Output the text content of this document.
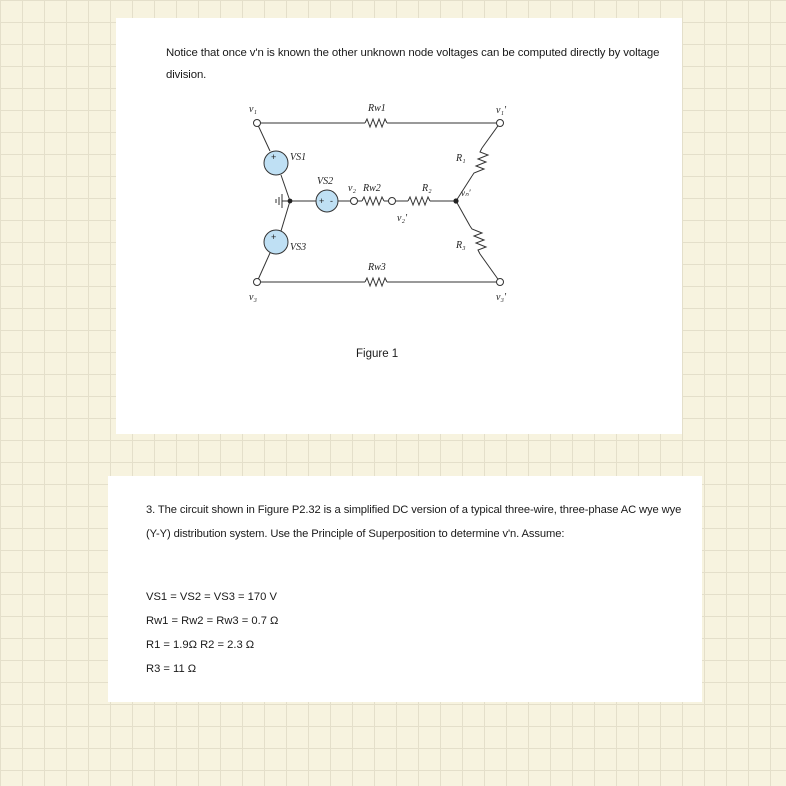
Notice that once v'n is known the other unknown node voltages can be computed directly by voltage division.
+
+ -
+
v₁	v₁′
v₃	v₃′
v₂
v₂′
vₙ′
Rw1
Rw2
Rw3
R₁
R₂
R₃
VS1
VS2
VS3
Figure 1
3. The circuit shown in Figure P2.32 is a simplified DC version of a typical three-wire, three-phase AC wye wye (Y-Y) distribution system. Use the Principle of Superposition to determine v'n. Assume:
VS1 = VS2 = VS3 = 170 V
Rw1 = Rw2 = Rw3 = 0.7 Ω
R1 = 1.9Ω R2 = 2.3 Ω
R3 = 11 Ω
